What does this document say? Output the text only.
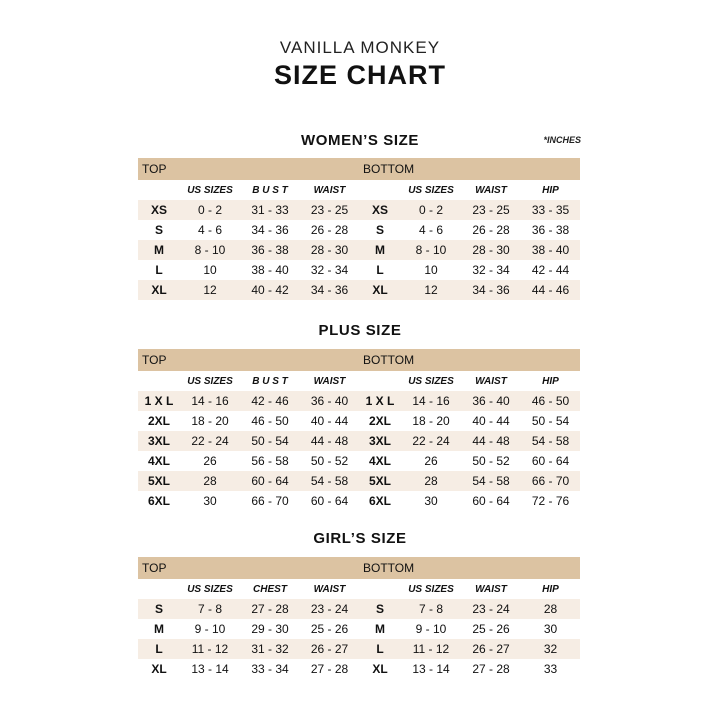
VANILLA MONKEY
SIZE CHART
WOMEN’S SIZE	*INCHES
TOP
US SIZES	B U S T	WAIST
XS	0 - 2	31 - 33	23 - 25
S	4 - 6	34 - 36	26 - 28
M	8 - 10	36 - 38	28 - 30
L	10	38 - 40	32 - 34
XL	12	40 - 42	34 - 36
BOTTOM
US SIZES	WAIST	HIP
XS	0 - 2	23 - 25	33 - 35
S	4 - 6	26 - 28	36 - 38
M	8 - 10	28 - 30	38 - 40
L	10	32 - 34	42 - 44
XL	12	34 - 36	44 - 46
PLUS SIZE
TOP
US SIZES	B U S T	WAIST
1 X L	14 - 16	42 - 46	36 - 40
2XL	18 - 20	46 - 50	40 - 44
3XL	22 - 24	50 - 54	44 - 48
4XL	26	56 - 58	50 - 52
5XL	28	60 - 64	54 - 58
6XL	30	66 - 70	60 - 64
BOTTOM
US SIZES	WAIST	HIP
1 X L	14 - 16	36 - 40	46 - 50
2XL	18 - 20	40 - 44	50 - 54
3XL	22 - 24	44 - 48	54 - 58
4XL	26	50 - 52	60 - 64
5XL	28	54 - 58	66 - 70
6XL	30	60 - 64	72 - 76
GIRL’S SIZE
TOP
US SIZES	CHEST	WAIST
S	7 - 8	27 - 28	23 - 24
M	9 - 10	29 - 30	25 - 26
L	11 - 12	31 - 32	26 - 27
XL	13 - 14	33 - 34	27 - 28
BOTTOM
US SIZES	WAIST	HIP
S	7 - 8	23 - 24	28
M	9 - 10	25 - 26	30
L	11 - 12	26 - 27	32
XL	13 - 14	27 - 28	33
